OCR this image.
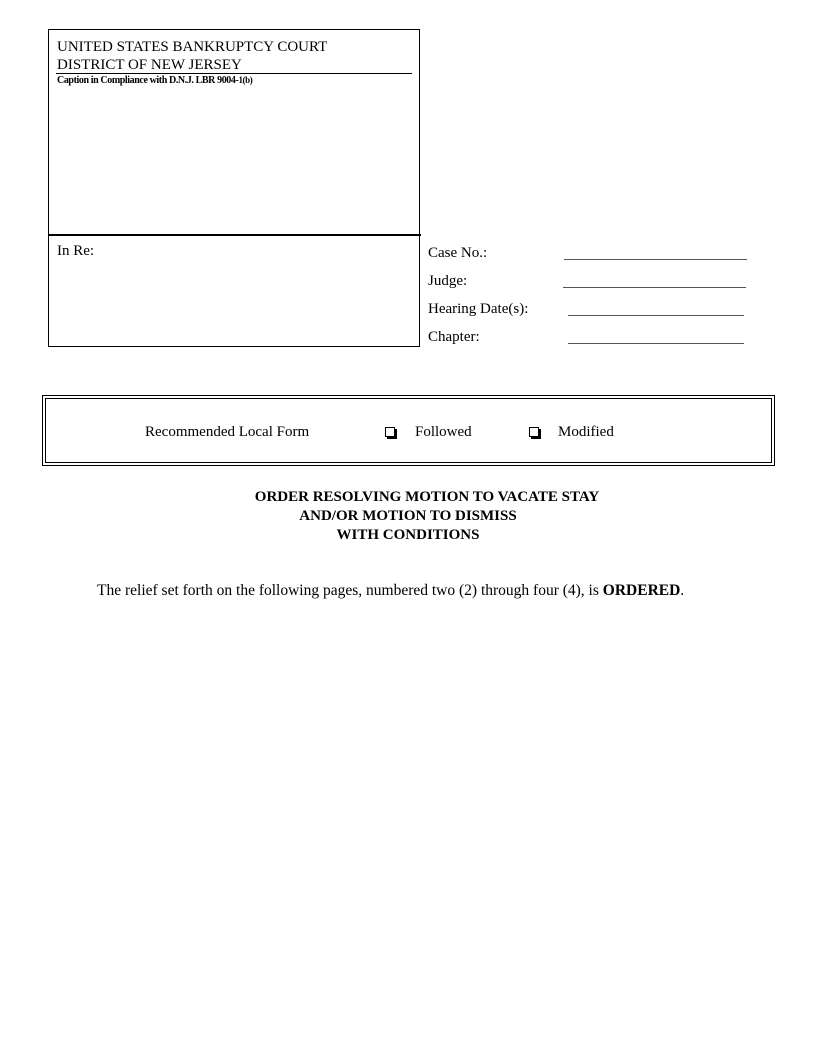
UNITED STATES BANKRUPTCY COURT
DISTRICT OF NEW JERSEY
Caption in Compliance with D.N.J. LBR 9004-1(b)
In Re:	Case No.:
Judge:
Hearing Date(s):
Chapter:
Recommended Local Form	Followed	Modified
ORDER RESOLVING MOTION TO VACATE STAY
AND/OR MOTION TO DISMISS
WITH CONDITIONS
The relief set forth on the following pages, numbered two (2) through four (4), is ORDERED.
